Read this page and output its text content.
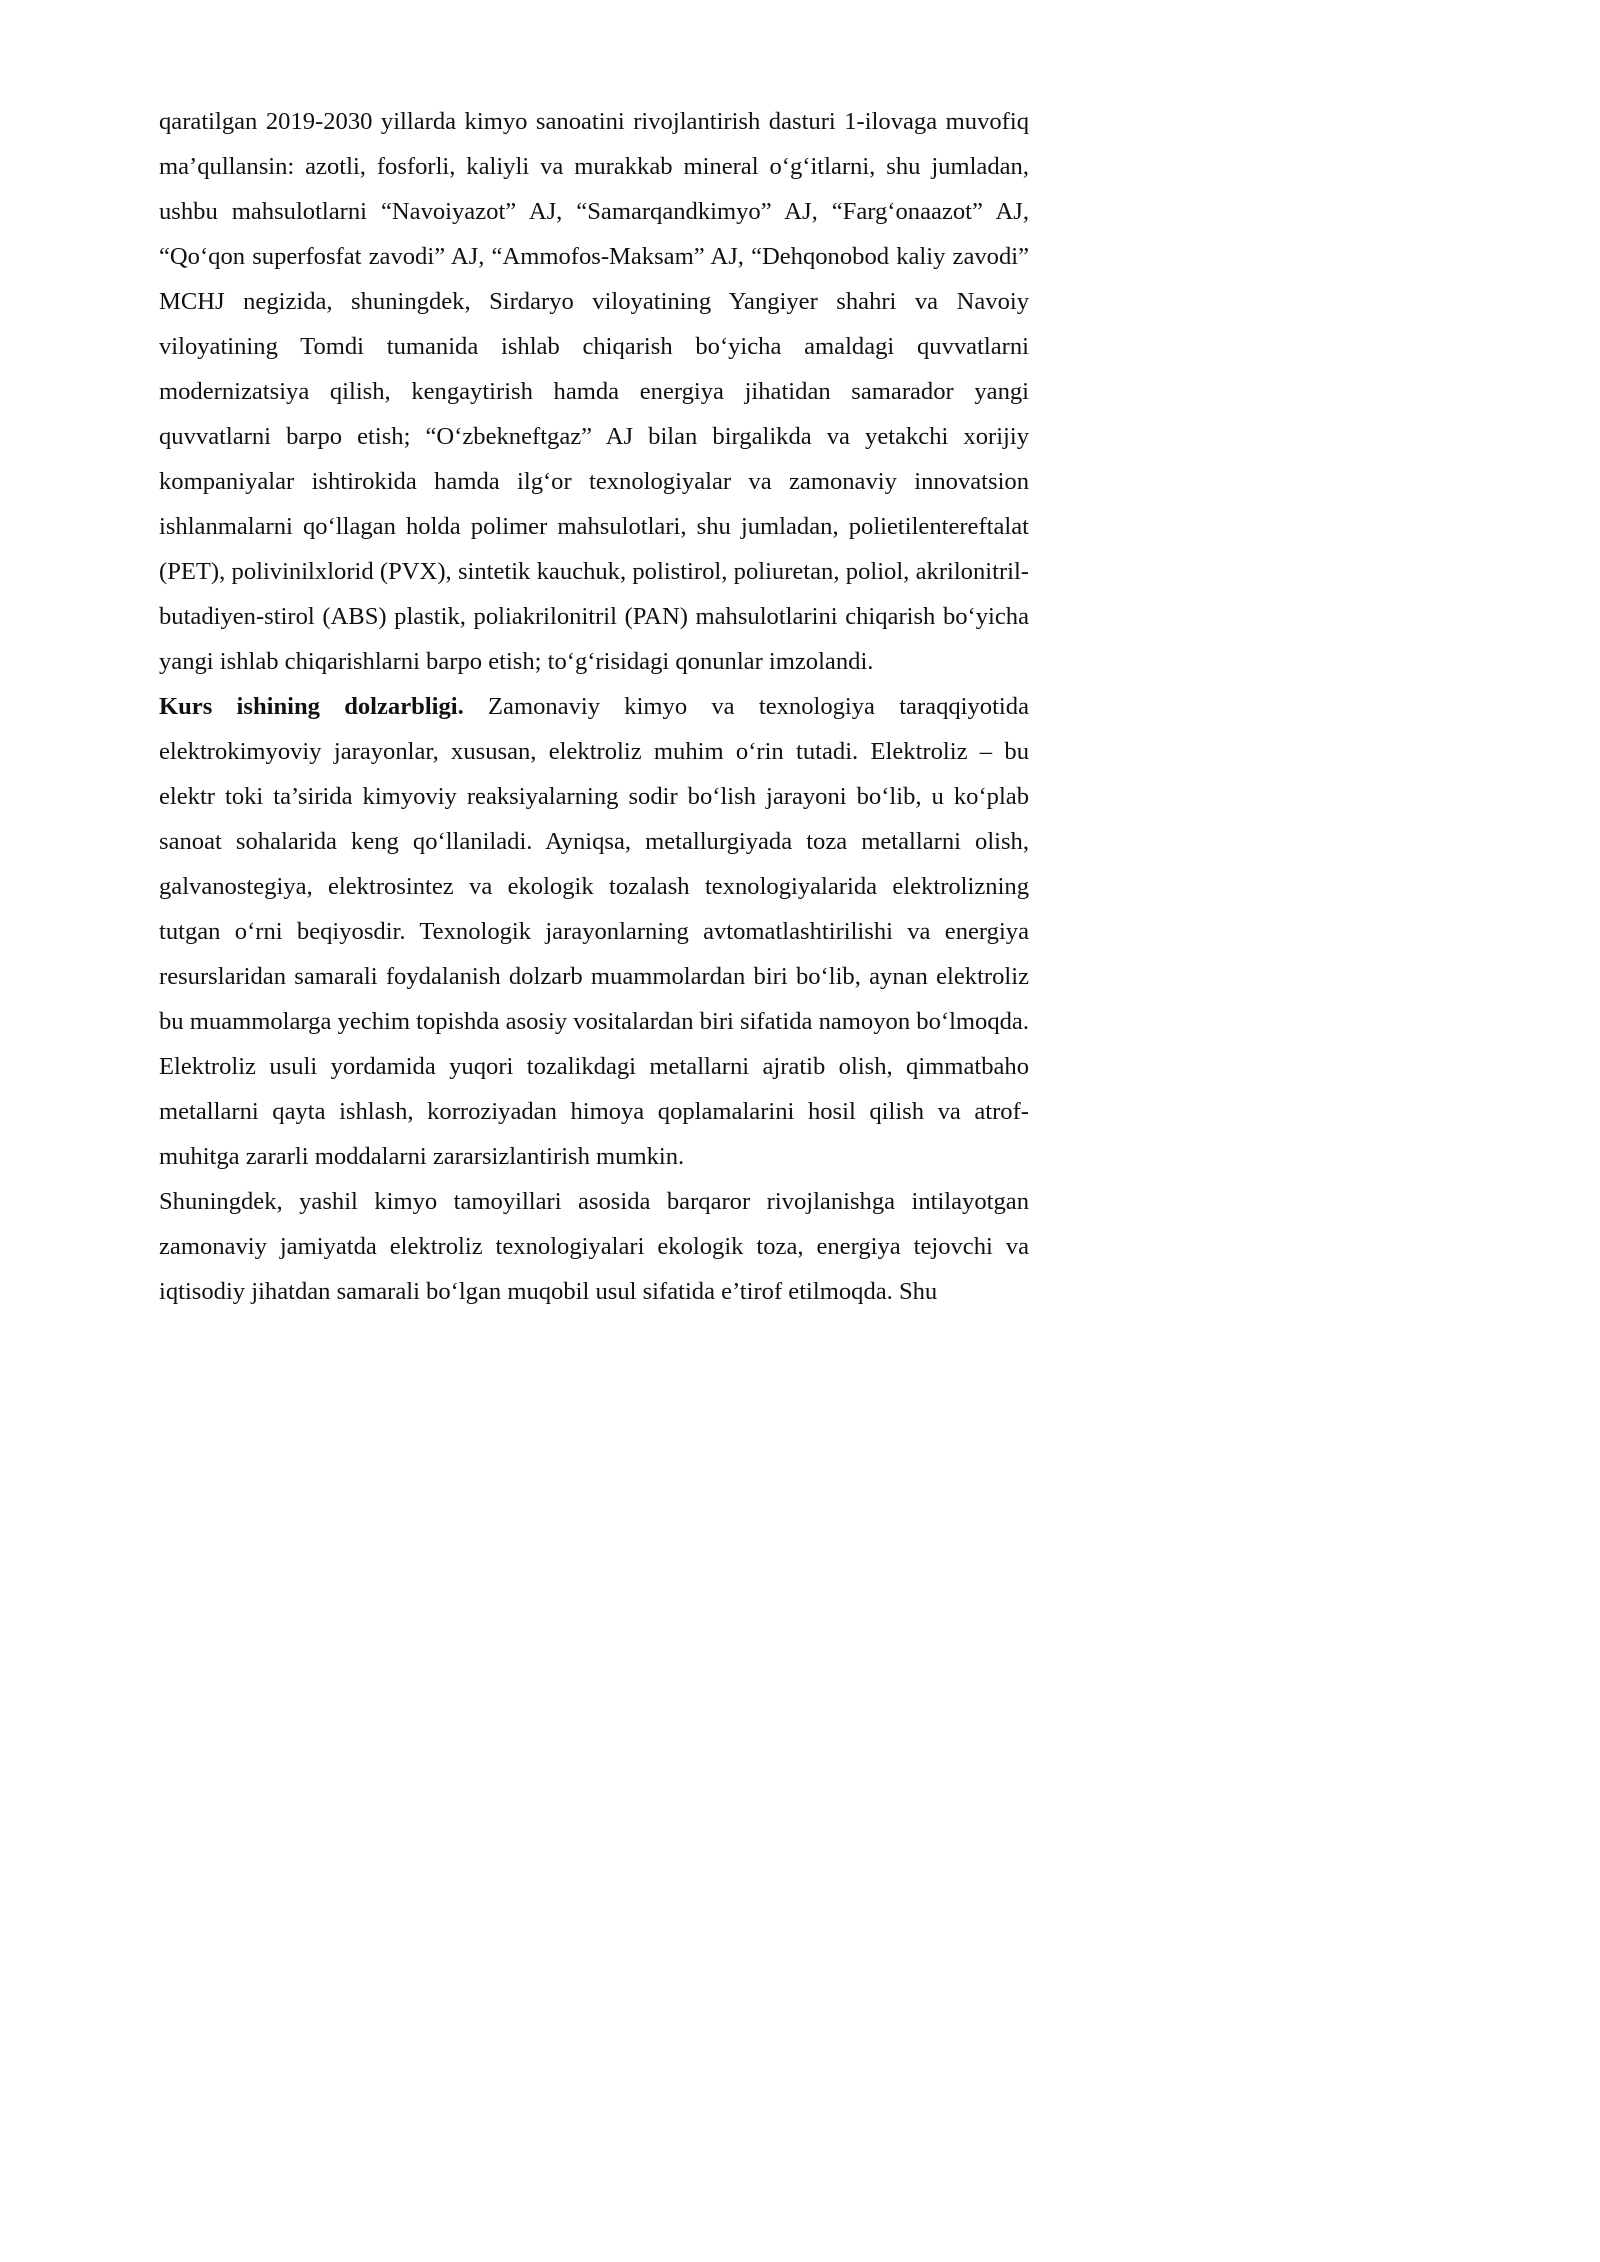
qaratilgan 2019-2030 yillarda kimyo sanoatini rivojlantirish dasturi 1-ilovaga muvofiq ma’qullansin: azotli, fosforli, kaliyli va murakkab mineral o‘g‘itlarni, shu jumladan, ushbu mahsulotlarni “Navoiyazot” AJ, “Samarqandkimyo” AJ, “Farg‘onaazot” AJ, “Qo‘qon superfosfat zavodi” AJ, “Ammofos-Maksam” AJ, “Dehqonobod kaliy zavodi” MCHJ negizida, shuningdek, Sirdaryo viloyatining Yangiyer shahri va Navoiy viloyatining Tomdi tumanida ishlab chiqarish bo‘yicha amaldagi quvvatlarni modernizatsiya qilish, kengaytirish hamda energiya jihatidan samarador yangi quvvatlarni barpo etish; “O‘zbekneftgaz” AJ bilan birgalikda va yetakchi xorijiy kompaniyalar ishtirokida hamda ilg‘or texnologiyalar va zamonaviy innovatsion ishlanmalarni qo‘llagan holda polimer mahsulotlari, shu jumladan, polietilentereftalat (PET), polivinilxlorid (PVX), sintetik kauchuk, polistirol, poliuretan, poliol, akrilonitril-butadiyen-stirol (ABS) plastik, poliakrilonitril (PAN) mahsulotlarini chiqarish bo‘yicha yangi ishlab chiqarishlarni barpo etish; to‘g‘risidagi qonunlar imzolandi.

Kurs ishining dolzarbligi. Zamonaviy kimyo va texnologiya taraqqiyotida elektrokimyoviy jarayonlar, xususan, elektroliz muhim o‘rin tutadi. Elektroliz – bu elektr toki ta’sirida kimyoviy reaksiyalarning sodir bo‘lish jarayoni bo‘lib, u ko‘plab sanoat sohalarida keng qo‘llaniladi. Ayniqsa, metallurgiyada toza metallarni olish, galvanostegiya, elektrosintez va ekologik tozalash texnologiyalarida elektrolizning tutgan o‘rni beqiyosdir. Texnologik jarayonlarning avtomatlashtirilishi va energiya resurslaridan samarali foydalanish dolzarb muammolardan biri bo‘lib, aynan elektroliz bu muammolarga yechim topishda asosiy vositalardan biri sifatida namoyon bo‘lmoqda. Elektroliz usuli yordamida yuqori tozalikdagi metallarni ajratib olish, qimmatbaho metallarni qayta ishlash, korroziyadan himoya qoplamalarini hosil qilish va atrof-muhitga zararli moddalarni zararsizlantirish mumkin.

Shuningdek, yashil kimyo tamoyillari asosida barqaror rivojlanishga intilayotgan zamonaviy jamiyatda elektroliz texnologiyalari ekologik toza, energiya tejovchi va iqtisodiy jihatdan samarali bo‘lgan muqobil usul sifatida e’tirof etilmoqda. Shu
